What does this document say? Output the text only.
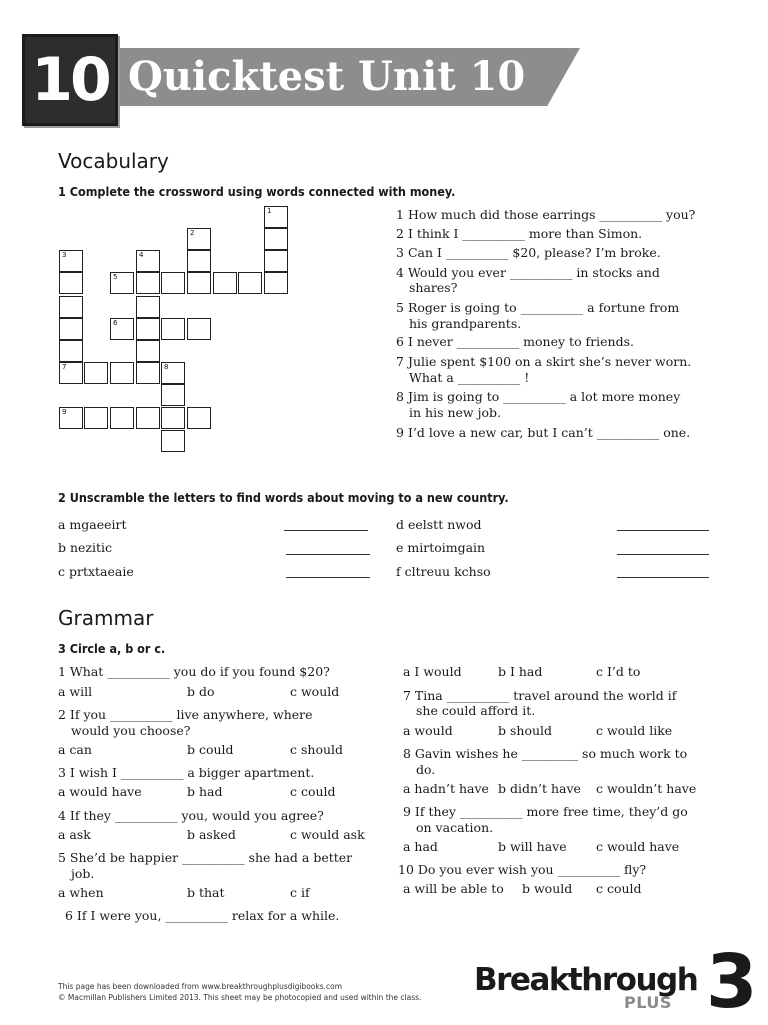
Quicktest Unit 10
10
Vocabulary
1 Complete the crossword using words connected with money.
1
2
3	4
5
6
7	8
9
1 How much did those earrings __________ you?
2 I think I __________ more than Simon.
3 Can I __________ $20, please? I’m broke.
4 Would you ever __________ in stocks and
shares?
5 Roger is going to __________ a fortune from
his grandparents.
6 I never __________ money to friends.
7 Julie spent $100 on a skirt she’s never worn.
What a __________ !
8 Jim is going to __________ a lot more money
in his new job.
9 I’d love a new car, but I can’t __________ one.
2 Unscramble the letters to find words about moving to a new country.
a mgaeeirt
b nezitic
c prtxtaeaie
d eelstt nwod
e mirtoimgain
f cltreuu kchso
Grammar
3 Circle a, b or c.
1 What __________ you do if you found $20?
a will	b do	c would
2 If you __________ live anywhere, where
would you choose?
a can	b could	c should
3 I wish I __________ a bigger apartment.
a would have	b had	c could
4 If they __________ you, would you agree?
a ask	b asked	c would ask
5 She’d be happier __________ she had a better
job.
a when	b that	c if
6 If I were you, __________ relax for a while.
a I would	b I had	c I’d to
7 Tina __________ travel around the world if
she could afford it.
a would	b should	c would like
8 Gavin wishes he _________ so much work to
do.
a hadn’t have b didn’t have c wouldn’t have
9 If they __________ more free time, they’d go
on vacation.
a had	b will have c would have
10 Do you ever wish you __________ fly?
a will be able to b would c could
This page has been downloaded from www.breakthroughplusdigibooks.com
© Macmillan Publishers Limited 2013. This sheet may be photocopied and used within the class. Breakthrough
PLUS 3
